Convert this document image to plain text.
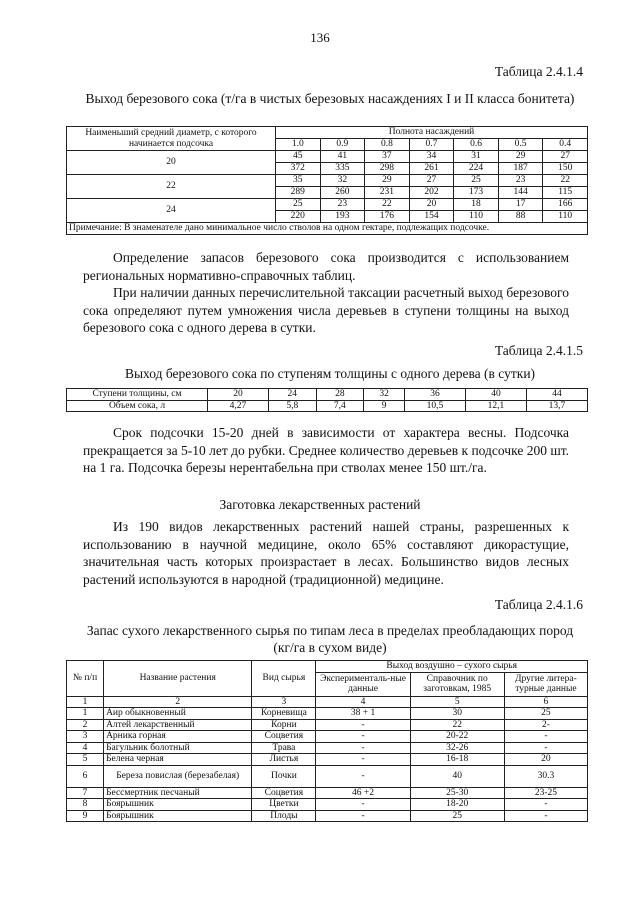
136
Таблица 2.4.1.4
Выход березового сока (т/га в чистых березовых насаждениях I и II класса бонитета)
Наименьший средний диаметр, с которого начинается подсочка	Полнота насаждений						
	1.0	0.9	0.8	0.7	0.6	0.5	0.4
20	45	41	37	34	31	29	27
	372	335	298	261	224	187	150
22	35	32	29	27	25	23	22
	289	260	231	202	173	144	115
24	25	23	22	20	18	17	166
	220	193	176	154	110	88	110
Примечание: В знаменателе дано минимальное число стволов на одном гектаре, подлежащих подсочке.							

Определение запасов березового сока производится с использованием региональных нормативно-справочных таблиц.

При наличии данных перечислительной таксации расчетный выход березового сока определяют путем умножения числа деревьев в ступени толщины на выход березового сока с одного дерева в сутки.

Таблица 2.4.1.5
Выход березового сока по ступеням толщины с одного дерева (в сутки)
Ступени толщины, см	20	24	28	32	36	40	44
Объем сока, л	4,27	5,8	7,4	9	10,5	12,1	13,7

Срок подсочки 15-20 дней в зависимости от характера весны. Подсочка прекращается за 5-10 лет до рубки. Среднее количество деревьев к подсочке 200 шт. на 1 га. Подсочка березы нерентабельна при стволах менее 150 шт./га.

Заготовка лекарственных растений

Из 190 видов лекарственных растений нашей страны, разрешенных к использованию в научной медицине, около 65% составляют дикорастущие, значительная часть которых произрастает в лесах. Большинство видов лесных растений используются в народной (традиционной) медицине.

Таблица 2.4.1.6
Запас сухого лекарственного сырья по типам леса в пределах преобладающих пород (кг/га в сухом виде)
№ п/п	Название растения	Вид сырья	Выход воздушно – сухого сырья		
			Эксперименталь-ные данные	Справочник по заготовкам, 1985	Другие литера-турные данные
1	2	3	4	5	6
1	Аир обыкновенный	Корневища	38 + 1	30	25
2	Алтей лекарственный	Корни	-	22	2-
3	Арника горная	Соцветия	-	20-22	-
4	Багульник болотный	Трава	-	32-26	-
5	Белена черная	Листья	-	16-18	20
6	Береза повислая (березабелая)	Почки	-	40	30.3
7	Бессмертник песчаный	Соцветия	46 +2	25-30	23-25
8	Боярышник	Цветки	-	18-20	-
9	Боярышник	Плоды	-	25	-
